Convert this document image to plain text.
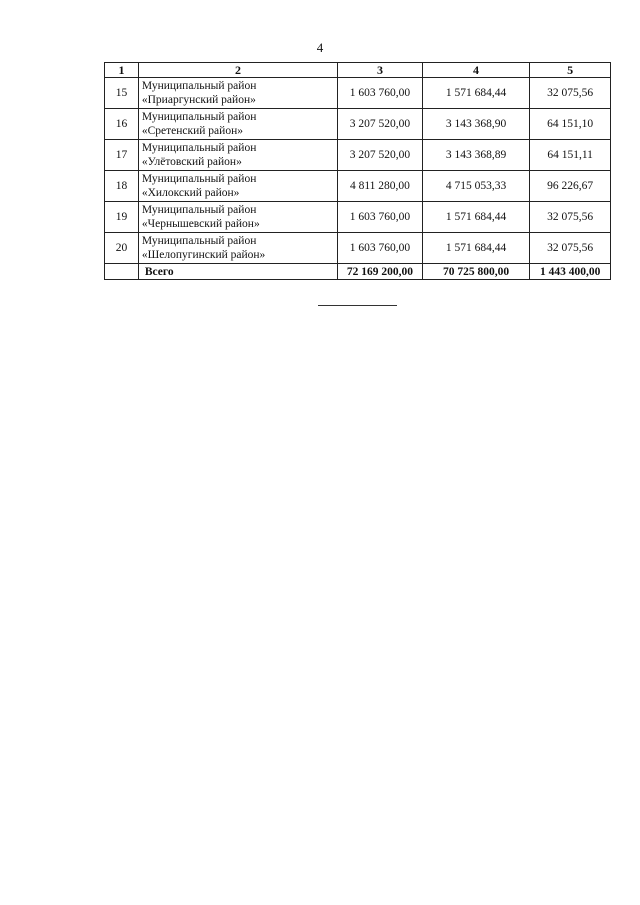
4
1	2	3	4	5
15	Муниципальный район
«Приаргунский район»	1 603 760,00	1 571 684,44	32 075,56
16	Муниципальный район
«Сретенский район»	3 207 520,00	3 143 368,90	64 151,10
17	Муниципальный район
«Улётовский район»	3 207 520,00	3 143 368,89	64 151,11
18	Муниципальный район
«Хилокский район»	4 811 280,00	4 715 053,33	96 226,67
19	Муниципальный район
«Чернышевский район»	1 603 760,00	1 571 684,44	32 075,56
20	Муниципальный район
«Шелопугинский район»	1 603 760,00	1 571 684,44	32 075,56
	Всего	72 169 200,00	70 725 800,00	1 443 400,00
